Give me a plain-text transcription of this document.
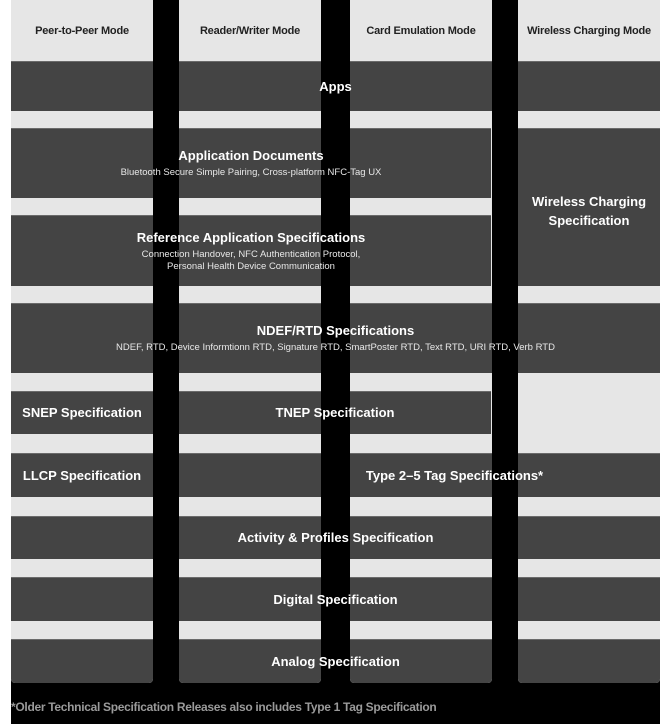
Peer-to-Peer Mode	Reader/Writer Mode	Card Emulation Mode	Wireless Charging Mode
Apps
Application Documents
Bluetooth Secure Simple Pairing, Cross-platform NFC-Tag UX
Reference Application Specifications
Connection Handover, NFC Authentication Protocol,
Personal Health Device Communication
Wireless Charging
Specification
NDEF/RTD Specifications
NDEF, RTD, Device Informtionn RTD, Signature RTD, SmartPoster RTD, Text RTD, URI RTD, Verb RTD
SNEP Specification	TNEP Specification
LLCP Specification	Type 2–5 Tag Specifications*
Activity & Profiles Specification
Digital Specification
Analog Specification
*Older Technical Specification Releases also includes Type 1 Tag Specification
